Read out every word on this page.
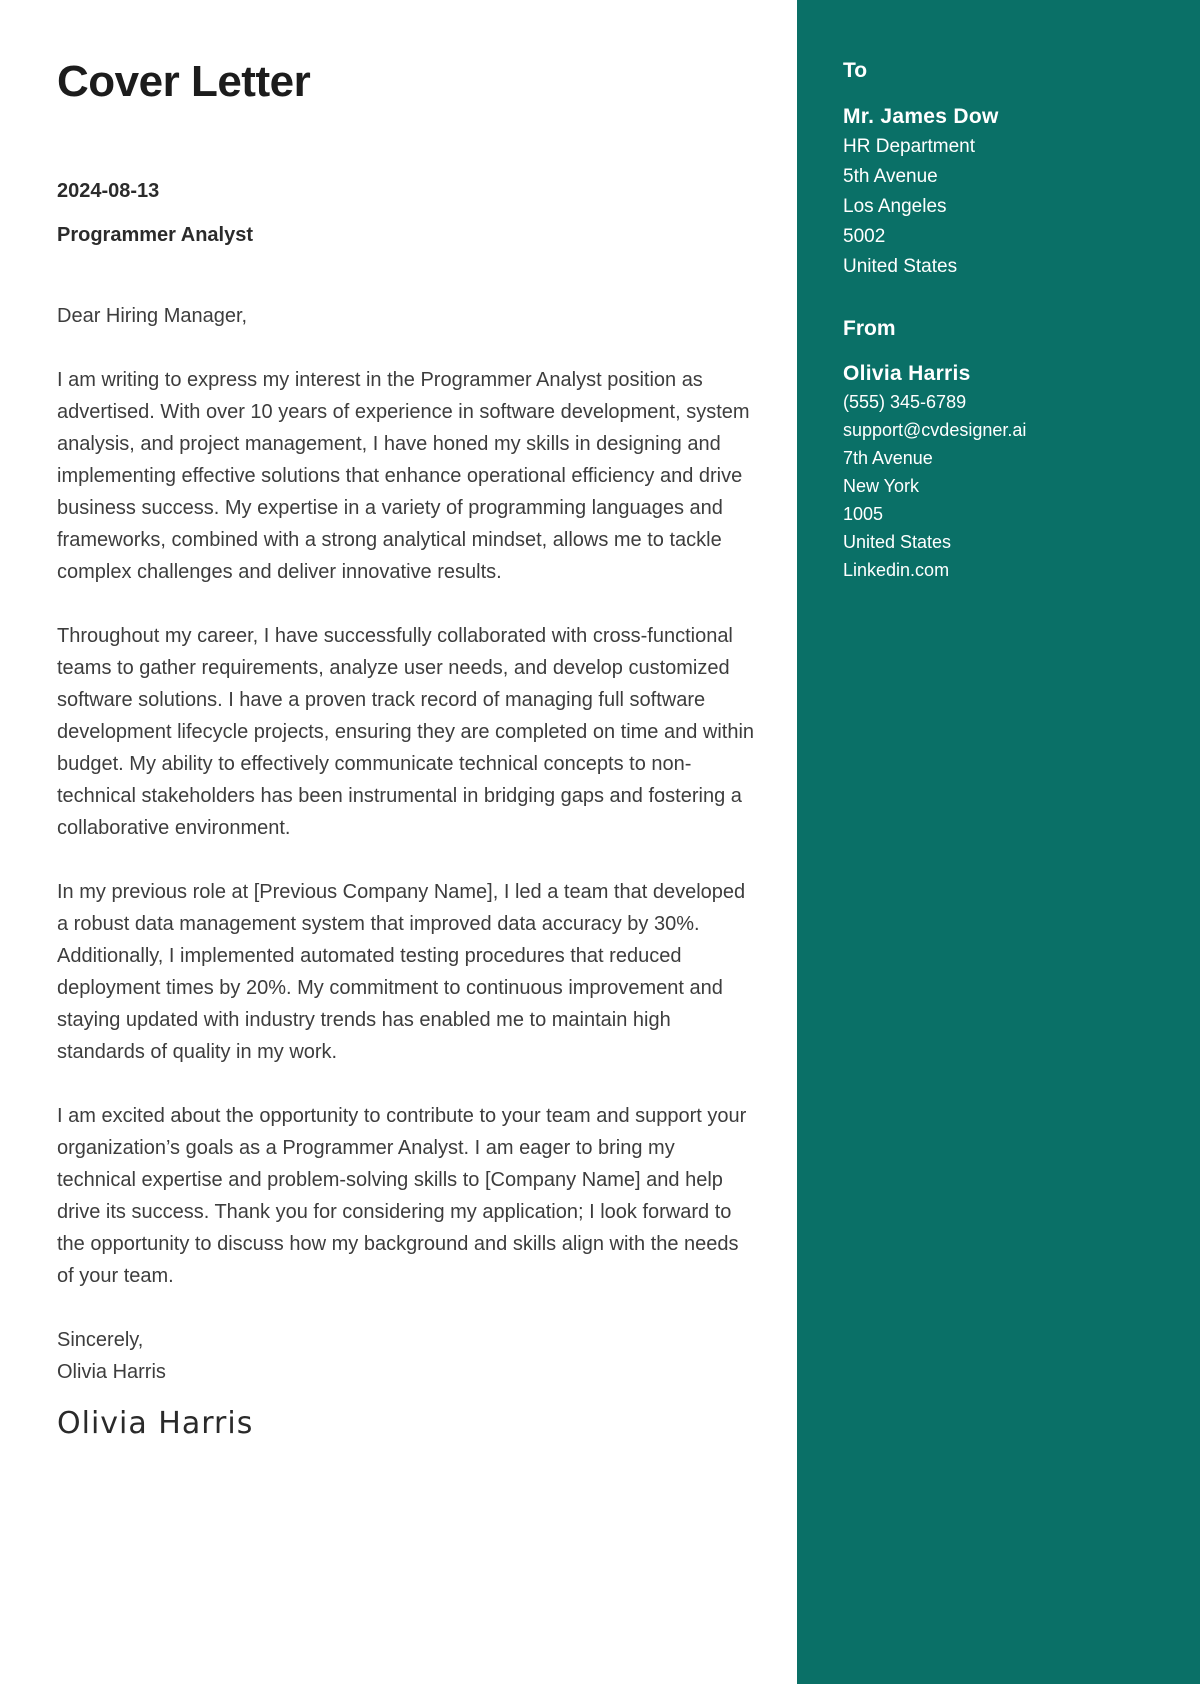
Cover Letter
2024-08-13
Programmer Analyst
Dear Hiring Manager,

I am writing to express my interest in the Programmer Analyst position as advertised. With over 10 years of experience in software development, system analysis, and project management, I have honed my skills in designing and implementing effective solutions that enhance operational efficiency and drive business success. My expertise in a variety of programming languages and frameworks, combined with a strong analytical mindset, allows me to tackle complex challenges and deliver innovative results.

Throughout my career, I have successfully collaborated with cross-functional teams to gather requirements, analyze user needs, and develop customized software solutions. I have a proven track record of managing full software development lifecycle projects, ensuring they are completed on time and within budget. My ability to effectively communicate technical concepts to non-technical stakeholders has been instrumental in bridging gaps and fostering a collaborative environment.

In my previous role at [Previous Company Name], I led a team that developed a robust data management system that improved data accuracy by 30%. Additionally, I implemented automated testing procedures that reduced deployment times by 20%. My commitment to continuous improvement and staying updated with industry trends has enabled me to maintain high standards of quality in my work.

I am excited about the opportunity to contribute to your team and support your organization’s goals as a Programmer Analyst. I am eager to bring my technical expertise and problem-solving skills to [Company Name] and help drive its success. Thank you for considering my application; I look forward to the opportunity to discuss how my background and skills align with the needs of your team.

Sincerely,
Olivia Harris
Olivia Harris
To
Mr. James Dow
HR Department
5th Avenue
Los Angeles
5002
United States
From
Olivia Harris
(555) 345-6789
support@cvdesigner.ai
7th Avenue
New York
1005
United States
Linkedin.com
